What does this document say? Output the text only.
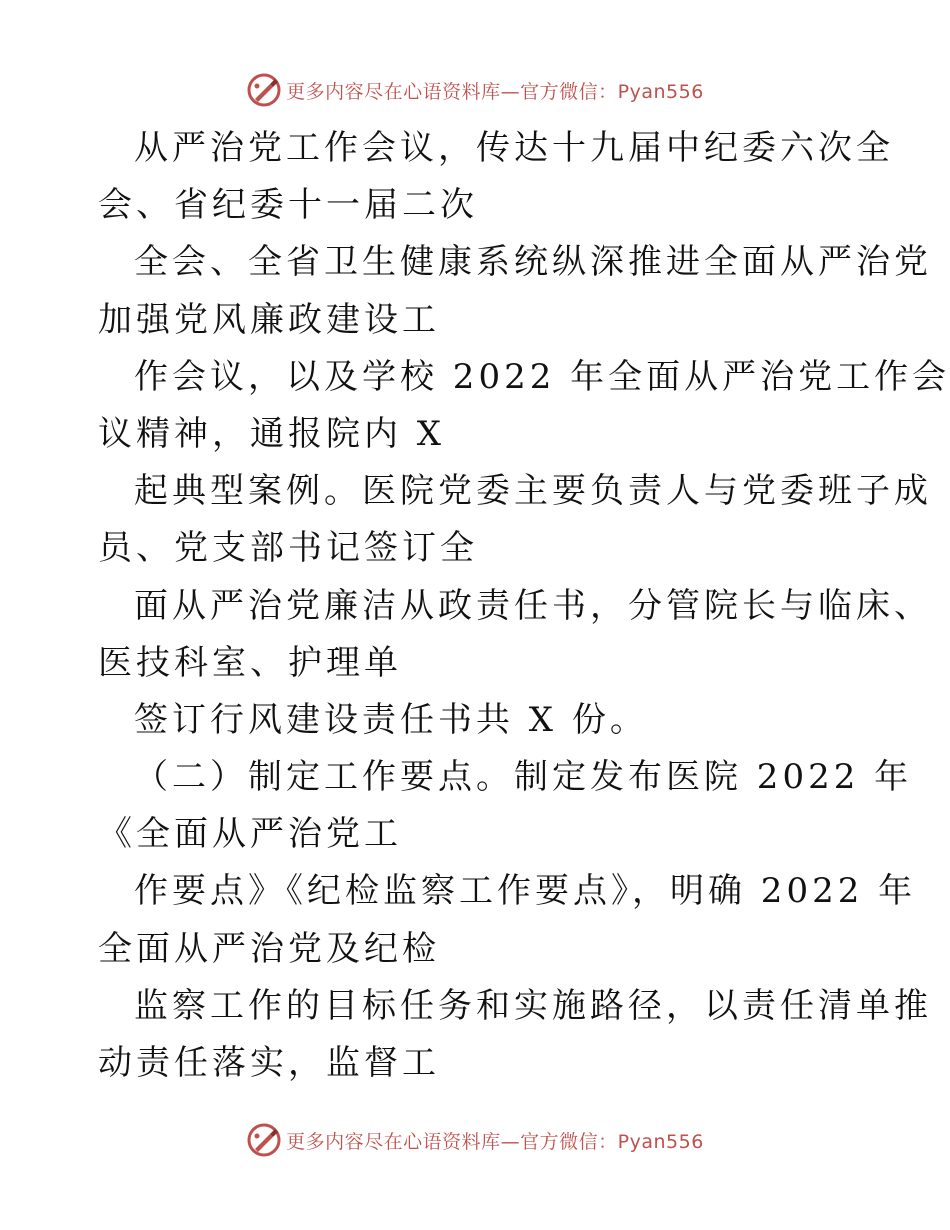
更多内容尽在心语资料库—官方微信：Pyan556
从严治党工作会议，传达十九届中纪委六次全
会、省纪委十一届二次
全会、全省卫生健康系统纵深推进全面从严治党
加强党风廉政建设工
作会议，以及学校 2022 年全面从严治党工作会
议精神，通报院内 X
起典型案例。医院党委主要负责人与党委班子成
员、党支部书记签订全
面从严治党廉洁从政责任书，分管院长与临床、
医技科室、护理单
签订行风建设责任书共 X 份。
（二）制定工作要点。制定发布医院 2022 年
《全面从严治党工
作要点》《纪检监察工作要点》，明确 2022 年
全面从严治党及纪检
监察工作的目标任务和实施路径，以责任清单推
动责任落实，监督工
更多内容尽在心语资料库—官方微信：Pyan556
